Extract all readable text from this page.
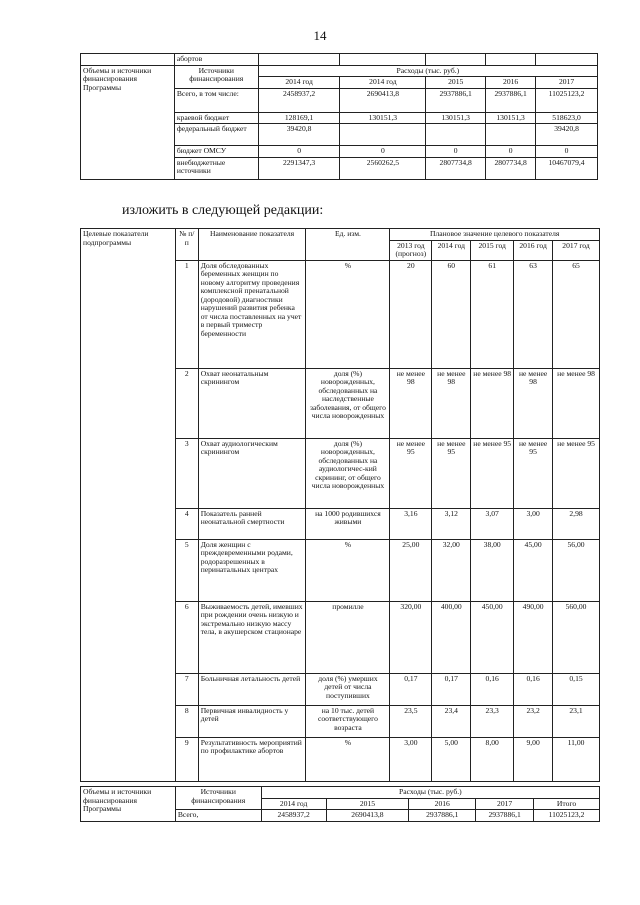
14
	абортов					
Объемы и источники финансирования Программы	Источники финансирования	Расходы (тыс. руб.)				
		2014 год	2014 год	2015	2016	2017
	Всего, в том числе:	2458937,2	2690413,8	2937886,1	2937886,1	11025123,2
	краевой бюджет	128169,1	130151,3	130151,3	130151,3	518623,0
	федеральный бюджет	39420,8				39420,8
	бюджет ОМСУ	0	0	0	0	0
	внебюджетные источники	2291347,3	2560262,5	2807734,8	2807734,8	10467079,4
изложить в следующей редакции:
Целевые показатели подпрограммы	№ п/п	Наименование показателя	Ед. изм.	Плановое значение целевого показателя				
				2013 год (прогноз)	2014 год	2015 год	2016 год	2017 год
	1	Доля обследованных беременных женщин по новому алгоритму проведения комплексной пренатальной (дородовой) диагностики нарушений развития ребенка от числа поставленных на учет в первый триместр беременности	%	20	60	61	63	65
	2	Охват неонатальным скринингом	доля (%) новорожденных, обследованных на наследственные заболевания, от общего числа новорожденных	не менее 98	не менее 98	не менее 98	не менее 98	не менее 98
	3	Охват аудиологическим скринингом	доля (%) новорожденных, обследованных на аудиологичес-кий скрининг, от общего числа новорожденных	не менее 95	не менее 95	не менее 95	не менее 95	не менее 95
	4	Показатель ранней неонатальной смертности	на 1000 родившихся живыми	3,16	3,12	3,07	3,00	2,98
	5	Доля женщин с преждевременными родами, родоразрешенных в перинатальных центрах	%	25,00	32,00	38,00	45,00	56,00
	6	Выживаемость детей, имевших при рождении очень низкую и экстремально низкую массу тела, в акушерском стационаре	промилле	320,00	400,00	450,00	490,00	560,00
	7	Больничная летальность детей	доля (%) умерших детей от числа поступивших	0,17	0,17	0,16	0,16	0,15
	8	Первичная инвалидность у детей	на 10 тыс. детей соответствующего возраста	23,5	23,4	23,3	23,2	23,1
	9	Результативность мероприятий по профилактике абортов	%	3,00	5,00	8,00	9,00	11,00
Объемы и источники финансирования Программы	Источники финансирования	Расходы (тыс. руб.)				
		2014 год	2015	2016	2017	Итого
	Всего,	2458937,2	2690413,8	2937886,1	2937886,1	11025123,2
